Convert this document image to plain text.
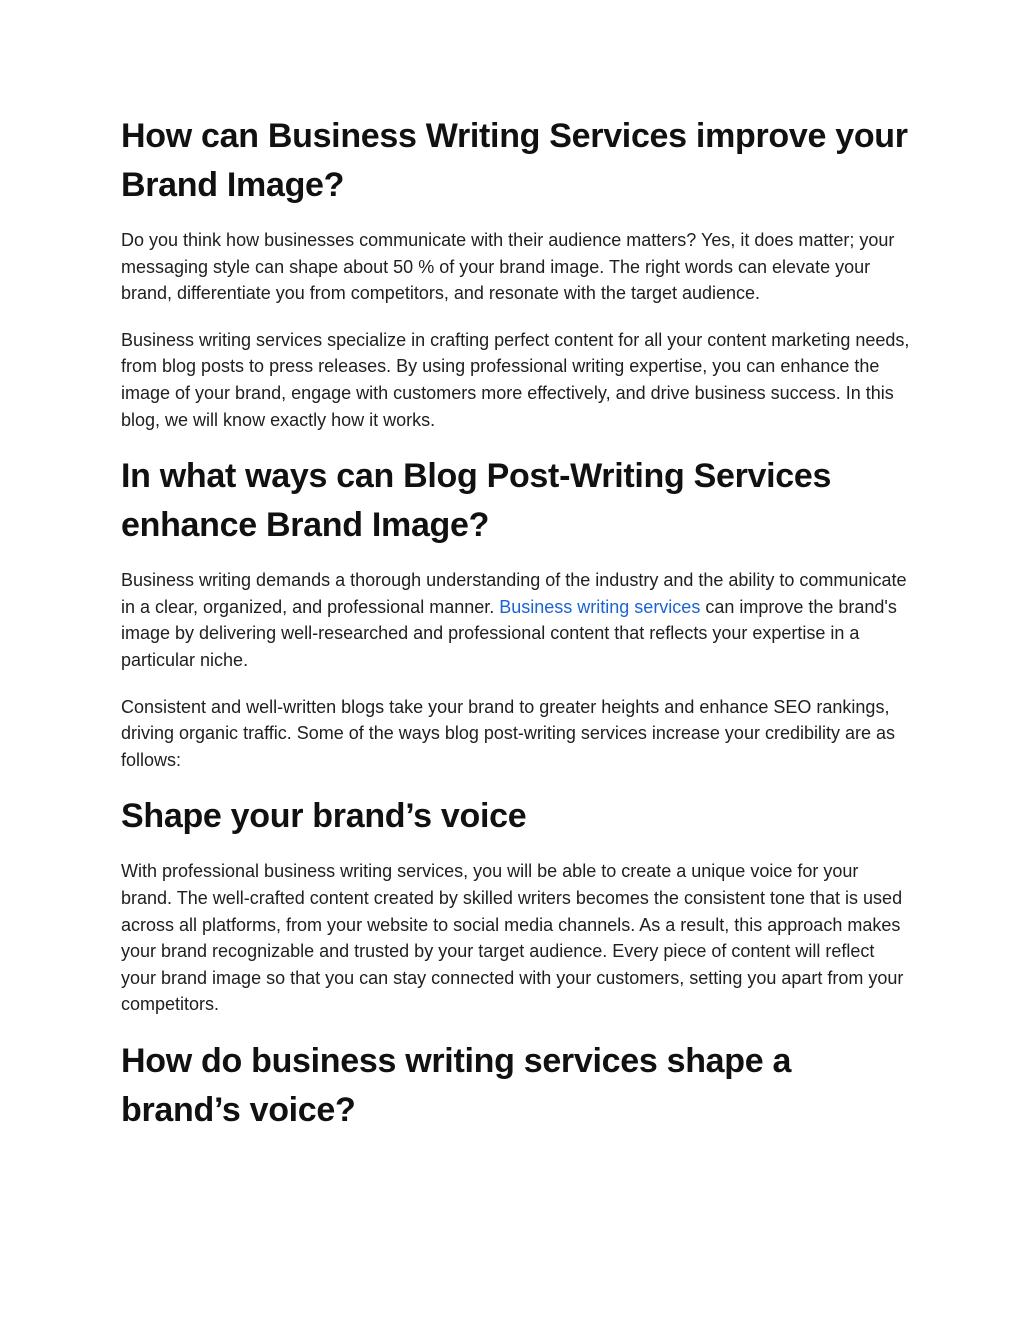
How can Business Writing Services improve your Brand Image?

Do you think how businesses communicate with their audience matters? Yes, it does matter; your messaging style can shape about 50 % of your brand image. The right words can elevate your brand, differentiate you from competitors, and resonate with the target audience.

Business writing services specialize in crafting perfect content for all your content marketing needs, from blog posts to press releases. By using professional writing expertise, you can enhance the image of your brand, engage with customers more effectively, and drive business success. In this blog, we will know exactly how it works.

In what ways can Blog Post-Writing Services enhance Brand Image?

Business writing demands a thorough understanding of the industry and the ability to communicate in a clear, organized, and professional manner. Business writing services can improve the brand's image by delivering well-researched and professional content that reflects your expertise in a particular niche.

Consistent and well-written blogs take your brand to greater heights and enhance SEO rankings, driving organic traffic. Some of the ways blog post-writing services increase your credibility are as follows:

Shape your brand’s voice

With professional business writing services, you will be able to create a unique voice for your brand. The well-crafted content created by skilled writers becomes the consistent tone that is used across all platforms, from your website to social media channels. As a result, this approach makes your brand recognizable and trusted by your target audience. Every piece of content will reflect your brand image so that you can stay connected with your customers, setting you apart from your competitors.

How do business writing services shape a brand’s voice?
